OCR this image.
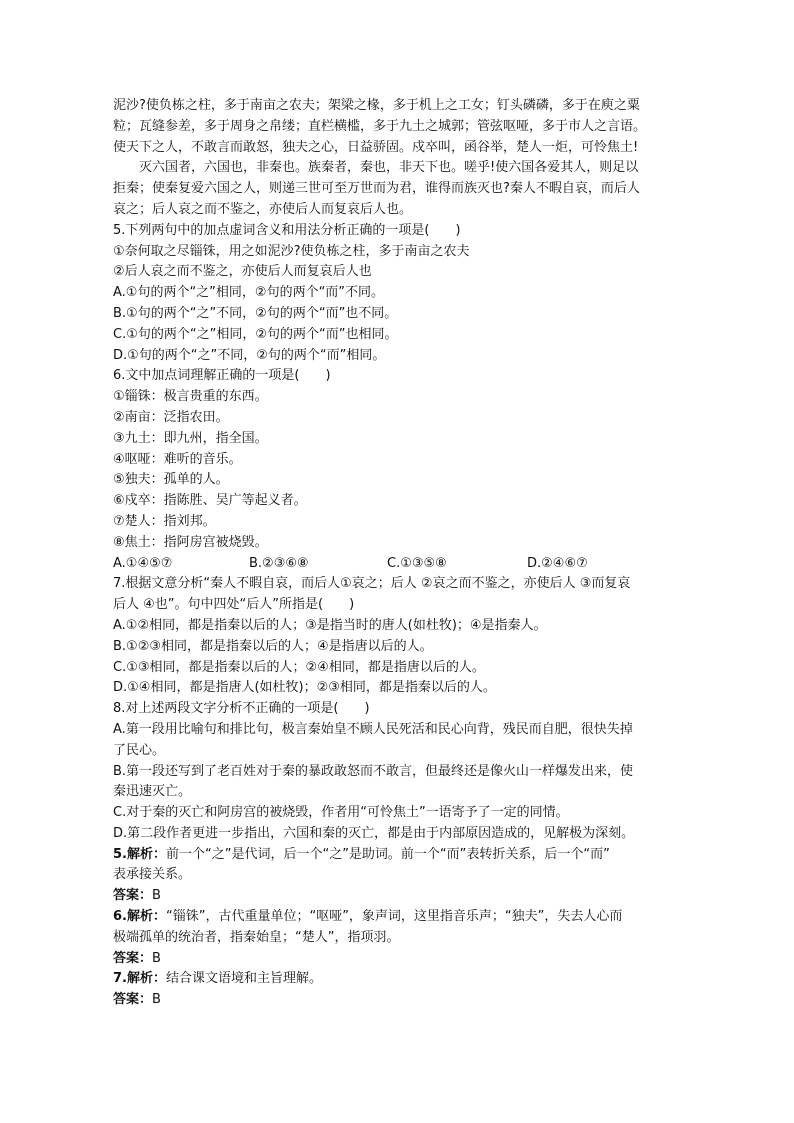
泥沙?使负栋之柱，多于南亩之农夫；架梁之椽，多于机上之工女；钉头磷磷，多于在庾之粟
粒；瓦缝参差，多于周身之帛缕；直栏横槛，多于九土之城郭；管弦呕哑，多于市人之言语。
使天下之人，不敢言而敢怒，独夫之心，日益骄固。戍卒叫，函谷举，楚人一炬，可怜焦土!
灭六国者，六国也，非秦也。族秦者，秦也，非天下也。嗟乎!使六国各爱其人，则足以
拒秦；使秦复爱六国之人，则递三世可至万世而为君，谁得而族灭也?秦人不暇自哀，而后人
哀之；后人哀之而不鉴之，亦使后人而复哀后人也。
5.下列两句中的加点虚词含义和用法分析正确的一项是(　　)
①奈何取之尽锱铢，用之如泥沙?使负栋之柱，多于南亩之农夫
②后人哀之而不鉴之，亦使后人而复哀后人也
A.①句的两个“之”相同，②句的两个“而”不同。
B.①句的两个“之”不同，②句的两个“而”也不同。
C.①句的两个“之”相同，②句的两个“而”也相同。
D.①句的两个“之”不同，②句的两个“而”相同。
6.文中加点词理解正确的一项是(　　)
①锱铢：极言贵重的东西。
②南亩：泛指农田。
③九土：即九州，指全国。
④呕哑：难听的音乐。
⑤独夫：孤单的人。
⑥戍卒：指陈胜、吴广等起义者。
⑦楚人：指刘邦。
⑧焦土：指阿房宫被烧毁。
A.①④⑤⑦	B.②③⑥⑧	C.①③⑤⑧	D.②④⑥⑦
7.根据文意分析“秦人不暇自哀，而后人①哀之；后人 ②哀之而不鉴之，亦使后人 ③而复哀
后人 ④也”。句中四处“后人”所指是(　　)
A.①②相同，都是指秦以后的人；③是指当时的唐人(如杜牧)；④是指秦人。
B.①②③相同，都是指秦以后的人；④是指唐以后的人。
C.①③相同，都是指秦以后的人；②④相同，都是指唐以后的人。
D.①④相同，都是指唐人(如杜牧)；②③相同，都是指秦以后的人。
8.对上述两段文字分析不正确的一项是(　　)
A.第一段用比喻句和排比句，极言秦始皇不顾人民死活和民心向背，残民而自肥，很快失掉
了民心。
B.第一段还写到了老百姓对于秦的暴政敢怒而不敢言，但最终还是像火山一样爆发出来，使
秦迅速灭亡。
C.对于秦的灭亡和阿房宫的被烧毁，作者用“可怜焦土”一语寄予了一定的同情。
D.第二段作者更进一步指出，六国和秦的灭亡，都是由于内部原因造成的，见解极为深刻。
5.解析：前一个“之”是代词，后一个“之”是助词。前一个“而”表转折关系，后一个“而”
表承接关系。
答案：B
6.解析：“锱铢”，古代重量单位；“呕哑”，象声词，这里指音乐声；“独夫”，失去人心而
极端孤单的统治者，指秦始皇；“楚人”，指项羽。
答案：B
7.解析：结合课文语境和主旨理解。
答案：B
